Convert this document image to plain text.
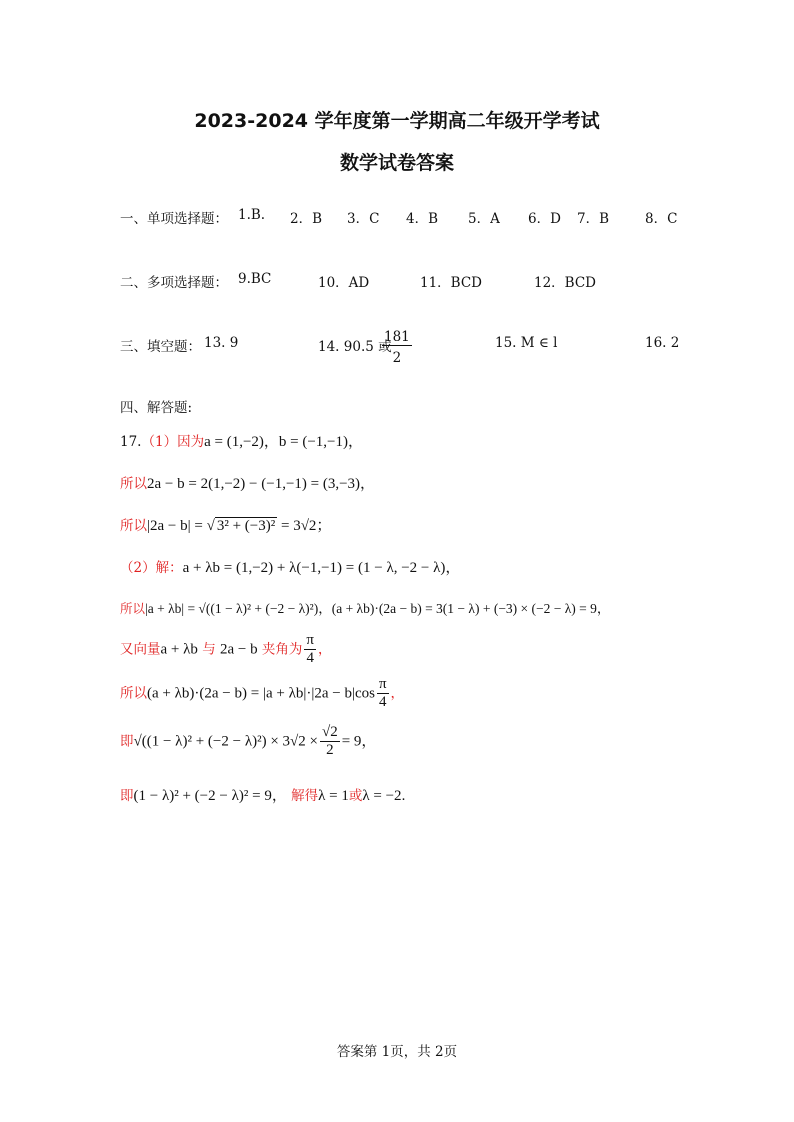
2023-2024 学年度第一学期高二年级开学考试
数学试卷答案
一、单项选择题： 1.B. 2．B 3．C 4．B 5．A 6．D 7．B	8．C
二、多项选择题： 9.BC	10．AD	11．BCD	12．BCD
三、填空题： 13. 9	14. 90.5 或
$\frac{181}{2}$	15. M ∈ l	16. 2
四、解答题:
17.（1）因为a = (1,−2)，b = (−1,−1)，
所以2a − b = 2(1,−2) − (−1,−1) = (3,−3)，
所以|2a − b| = √ 3² + (−3)² = 3√2；
（2）解：a + λb = (1,−2) + λ(−1,−1) = (1 − λ, −2 − λ)，
所以|a + λb| = √((1 − λ)² + (−2 − λ)²)，(a + λb)·(2a − b) = 3(1 − λ) + (−3) × (−2 − λ) = 9，
又向量a + λb 与 2a − b 夹角为 $\frac{\pi}{4}$ ，
所以$(a + \lambda b)\cdot(2a - b) = |a + \lambda b|\cdot|2a - b|\cos \frac{\pi}{4}$ ，
即$√((1 - \lambda)^2 + (-2 - \lambda)^2) \times 3√2 \times \frac{√2}{2} = 9$，
即(1 − λ)² + (−2 − λ)² = 9， 解得λ = 1或λ = −2.
答案第 1页，共 2页
